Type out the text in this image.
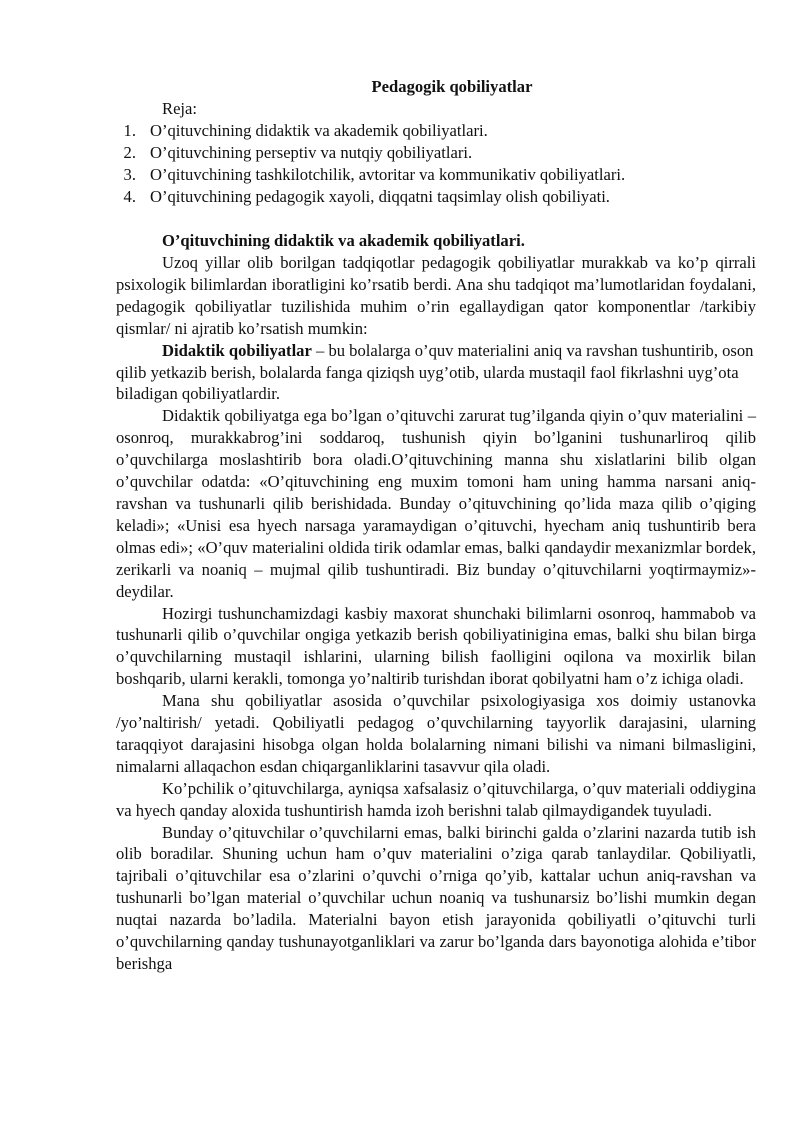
Pedagogik qobiliyatlar
Reja:
1. O’qituvchining didaktik va akademik qobiliyatlari.
2. O’qituvchining perseptiv va nutqiy qobiliyatlari.
3. O’qituvchining tashkilotchilik, avtoritar va kommunikativ qobiliyatlari.
4. O’qituvchining pedagogik xayoli, diqqatni taqsimlay olish qobiliyati.
O’qituvchining didaktik va akademik qobiliyatlari.

Uzoq yillar olib borilgan tadqiqotlar pedagogik qobiliyatlar murakkab va ko’p qirrali psixologik bilimlardan iboratligini ko’rsatib berdi. Ana shu tadqiqot ma’lumotlaridan foydalani, pedagogik qobiliyatlar tuzilishida muhim o’rin egallaydigan qator komponentlar /tarkibiy qismlar/ ni ajratib ko’rsatish mumkin:

Didaktik qobiliyatlar – bu bolalarga o’quv materialini aniq va ravshan tushuntirib, oson qilib yetkazib berish, bolalarda fanga qiziqsh uyg’otib, ularda mustaqil faol fikrlashni uyg’ota biladigan qobiliyatlardir.

Didaktik qobiliyatga ega bo’lgan o’qituvchi zarurat tug’ilganda qiyin o’quv materialini – osonroq, murakkabrog’ini soddaroq, tushunish qiyin bo’lganini tushunarliroq qilib o’quvchilarga moslashtirib bora oladi.O’qituvchining manna shu xislatlarini bilib olgan o’quvchilar odatda: «O’qituvchining eng muxim tomoni ham uning hamma narsani aniq-ravshan va tushunarli qilib berishidada. Bunday o’qituvchining qo’lida maza qilib o’qiging keladi»; «Unisi esa hyech narsaga yaramaydigan o’qituvchi, hyecham aniq tushuntirib bera olmas edi»; «O’quv materialini oldida tirik odamlar emas, balki qandaydir mexanizmlar bordek, zerikarli va noaniq – mujmal qilib tushuntiradi. Biz bunday o’qituvchilarni yoqtirmaymiz»-deydilar.

Hozirgi tushunchamizdagi kasbiy maxorat shunchaki bilimlarni osonroq, hammabob va tushunarli qilib o’quvchilar ongiga yetkazib berish qobiliyatinigina emas, balki shu bilan birga o’quvchilarning mustaqil ishlarini, ularning bilish faolligini oqilona va moxirlik bilan boshqarib, ularni kerakli, tomonga yo’naltirib turishdan iborat qobilyatni ham o’z ichiga oladi.

Mana shu qobiliyatlar asosida o’quvchilar psixologiyasiga xos doimiy ustanovka /yo’naltirish/ yetadi. Qobiliyatli pedagog o’quvchilarning tayyorlik darajasini, ularning taraqqiyot darajasini hisobga olgan holda bolalarning nimani bilishi va nimani bilmasligini, nimalarni allaqachon esdan chiqarganliklarini tasavvur qila oladi.

Ko’pchilik o’qituvchilarga, ayniqsa xafsalasiz o’qituvchilarga, o’quv materiali oddiygina va hyech qanday aloxida tushuntirish hamda izoh berishni talab qilmaydigandek tuyuladi.

Bunday o’qituvchilar o’quvchilarni emas, balki birinchi galda o’zlarini nazarda tutib ish olib boradilar. Shuning uchun ham o’quv materialini o’ziga qarab tanlaydilar. Qobiliyatli, tajribali o’qituvchilar esa o’zlarini o’quvchi o’rniga qo’yib, kattalar uchun aniq-ravshan va tushunarli bo’lgan material o’quvchilar uchun noaniq va tushunarsiz bo’lishi mumkin degan nuqtai nazarda bo’ladila. Materialni bayon etish jarayonida qobiliyatli o’qituvchi turli o’quvchilarning qanday tushunayotganliklari va zarur bo’lganda dars bayonotiga alohida e’tibor berishga
